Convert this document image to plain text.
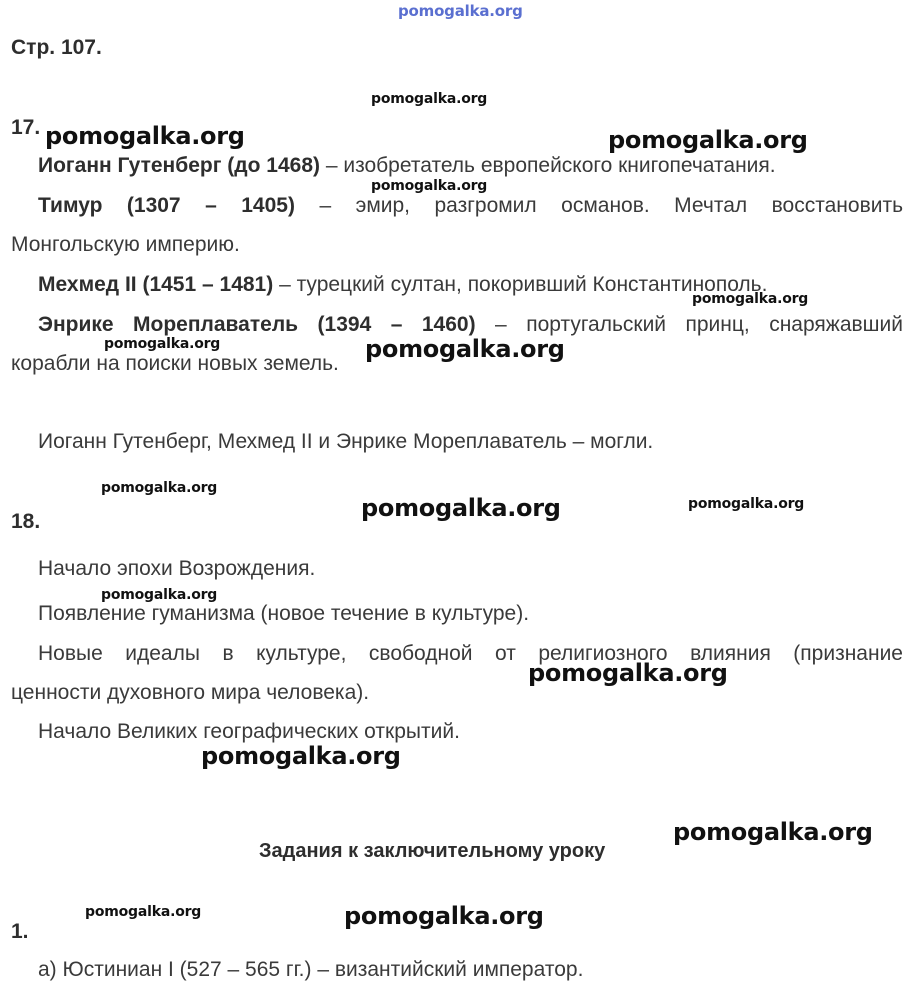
pomogalka.org
Стр. 107.
17.
Иоганн Гутенберг (до 1468) – изобретатель европейского книгопечатания.
Тимур (1307 – 1405) – эмир, разгромил османов. Мечтал восстановить
Монгольскую империю.
Мехмед II (1451 – 1481) – турецкий султан, покоривший Константинополь.
Энрике Мореплаватель (1394 – 1460) – португальский принц, снаряжавший
корабли на поиски новых земель.
Иоганн Гутенберг, Мехмед II и Энрике Мореплаватель – могли.
18.
Начало эпохи Возрождения.
Появление гуманизма (новое течение в культуре).
Новые идеалы в культуре, свободной от религиозного влияния (признание
ценности духовного мира человека).
Начало Великих географических открытий.
Задания к заключительному уроку
1.
а) Юстиниан I (527 – 565 гг.) – византийский император.
pomogalka.org
pomogalka.org	pomogalka.org
pomogalka.org
pomogalka.org
pomogalka.org	pomogalka.org
pomogalka.org
pomogalka.org	pomogalka.org
pomogalka.org
pomogalka.org
pomogalka.org
pomogalka.org
pomogalka.org	pomogalka.org
